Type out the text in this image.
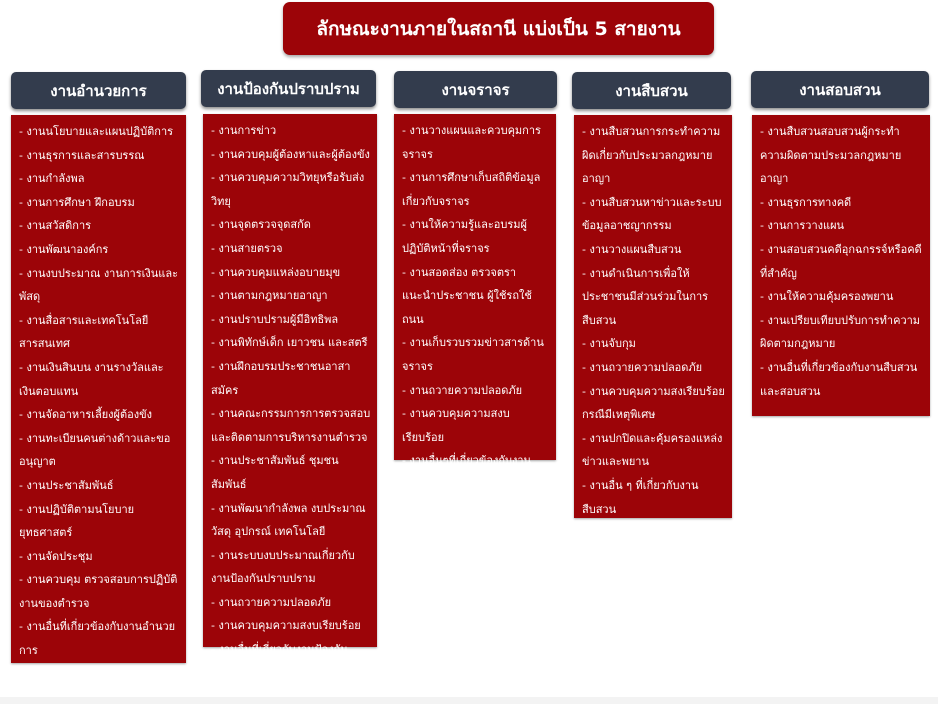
ลักษณะงานภายในสถานี แบ่งเป็น 5 สายงาน
งานอำนวยการ
- งานนโยบายและแผนปฏิบัติการ
- งานธุรการและสารบรรณ
- งานกำลังพล
- งานการศึกษา ฝึกอบรม
- งานสวัสดิการ
- งานพัฒนาองค์กร
- งานงบประมาณ งานการเงินและพัสดุ
- งานสื่อสารและเทคโนโลยีสารสนเทศ
- งานเงินสินบน งานรางวัลและเงินตอบแทน
- งานจัดอาหารเลี้ยงผู้ต้องขัง
- งานทะเบียนคนต่างด้าวและขออนุญาต
- งานประชาสัมพันธ์
- งานปฏิบัติตามนโยบายยุทธศาสตร์
- งานจัดประชุม
- งานควบคุม ตรวจสอบการปฏิบัติงานของตำรวจ
- งานอื่นที่เกี่ยวข้องกับงานอำนวยการ
งานป้องกันปราบปราม
- งานการข่าว
- งานควบคุมผู้ต้องหาและผู้ต้องขัง
- งานควบคุมความวิทยุหรือรับส่งวิทยุ
- งานจุดตรวจจุดสกัด
- งานสายตรวจ
- งานควบคุมแหล่งอบายมุข
- งานตามกฎหมายอาญา
- งานปราบปรามผู้มีอิทธิพล
- งานพิทักษ์เด็ก เยาวชน และสตรี
- งานฝึกอบรมประชาชนอาสาสมัคร
- งานคณะกรรมการการตรวจสอบและติดตามการบริหารงานตำรวจ
- งานประชาสัมพันธ์ ชุมชนสัมพันธ์
- งานพัฒนากำลังพล งบประมาณ วัสดุ อุปกรณ์ เทคโนโลยี
- งานระบบงบประมาณเกี่ยวกับงานป้องกันปราบปราม
- งานถวายความปลอดภัย
- งานควบคุมความสงบเรียบร้อย
- งานอื่นที่เกี่ยวกับงานป้องกัน
งานจราจร
- งานวางแผนและควบคุมการจราจร
- งานการศึกษาเก็บสถิติข้อมูลเกี่ยวกับจราจร
- งานให้ความรู้และอบรมผู้ปฏิบัติหน้าที่จราจร
- งานสอดส่อง ตรวจตรา แนะนำประชาชน ผู้ใช้รถใช้ถนน
- งานเก็บรวบรวมข่าวสารด้านจราจร
- งานถวายความปลอดภัย
- งานควบคุมความสงบเรียบร้อย
- งานอื่นๆที่เกี่ยวข้องกับงานจราจร
งานสืบสวน
- งานสืบสวนการกระทำความผิดเกี่ยวกับประมวลกฎหมายอาญา
- งานสืบสวนหาข่าวและระบบข้อมูลอาชญากรรม
- งานวางแผนสืบสวน
- งานดำเนินการเพื่อให้ประชาชนมีส่วนร่วมในการสืบสวน
- งานจับกุม
- งานถวายความปลอดภัย
- งานควบคุมความสงเรียบร้อยกรณีมีเหตุพิเศษ
- งานปกปิดและคุ้มครองแหล่งข่าวและพยาน
- งานอื่น ๆ ที่เกี่ยวกับงานสืบสวน
งานสอบสวน
- งานสืบสวนสอบสวนผู้กระทำความผิดตามประมวลกฎหมายอาญา
- งานธุรการทางคดี
- งานการวางแผน
- งานสอบสวนคดีอุกฉกรรจ์หรือคดีที่สำคัญ
- งานให้ความคุ้มครองพยาน
- งานเปรียบเทียบปรับการทำความผิดตามกฎหมาย
- งานอื่นที่เกี่ยวข้องกับงานสืบสวนและสอบสวน
